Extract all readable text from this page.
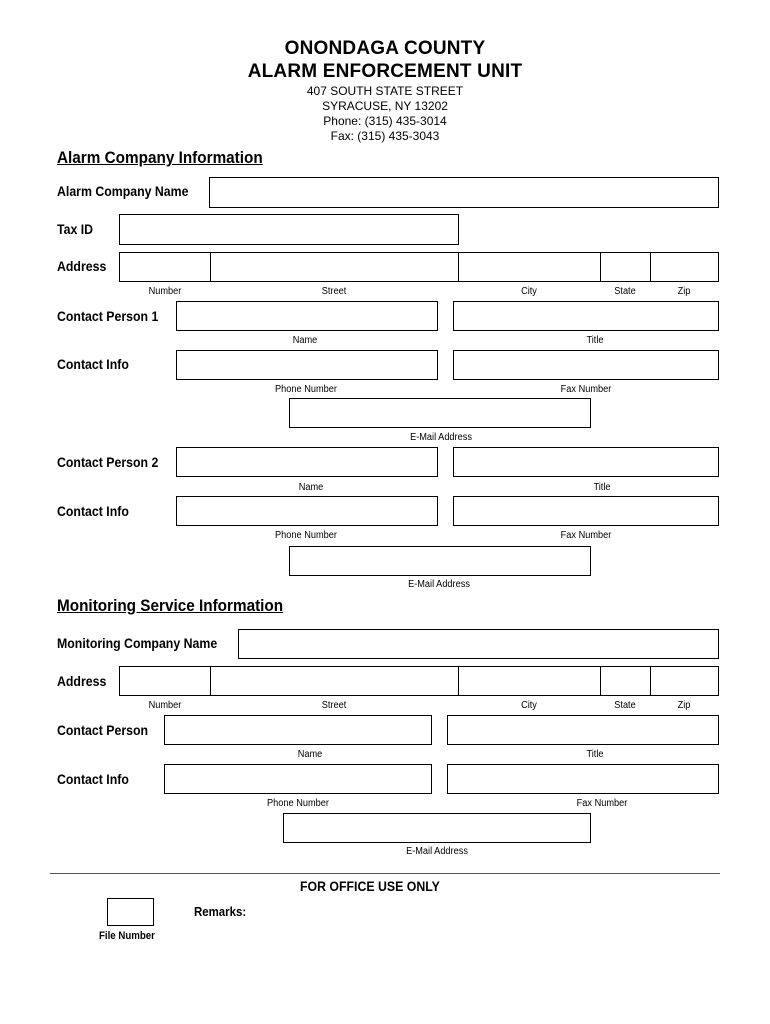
ONONDAGA COUNTY
ALARM ENFORCEMENT UNIT
407 SOUTH STATE STREET
SYRACUSE, NY 13202
Phone: (315) 435-3014
Fax: (315) 435-3043
Alarm Company Information
Alarm Company Name
Tax ID
Address
Number	Street	City	State	Zip
Contact Person 1
Name	Title
Contact Info
Phone Number	Fax Number
E-Mail Address
Contact Person 2
Name	Title
Contact Info
Phone Number	Fax Number
E-Mail Address
Monitoring Service Information
Monitoring Company Name
Address
Number	Street	City	State	Zip
Contact Person
Name	Title
Contact Info
Phone Number	Fax Number
E-Mail Address
FOR OFFICE USE ONLY
Remarks:
File Number
